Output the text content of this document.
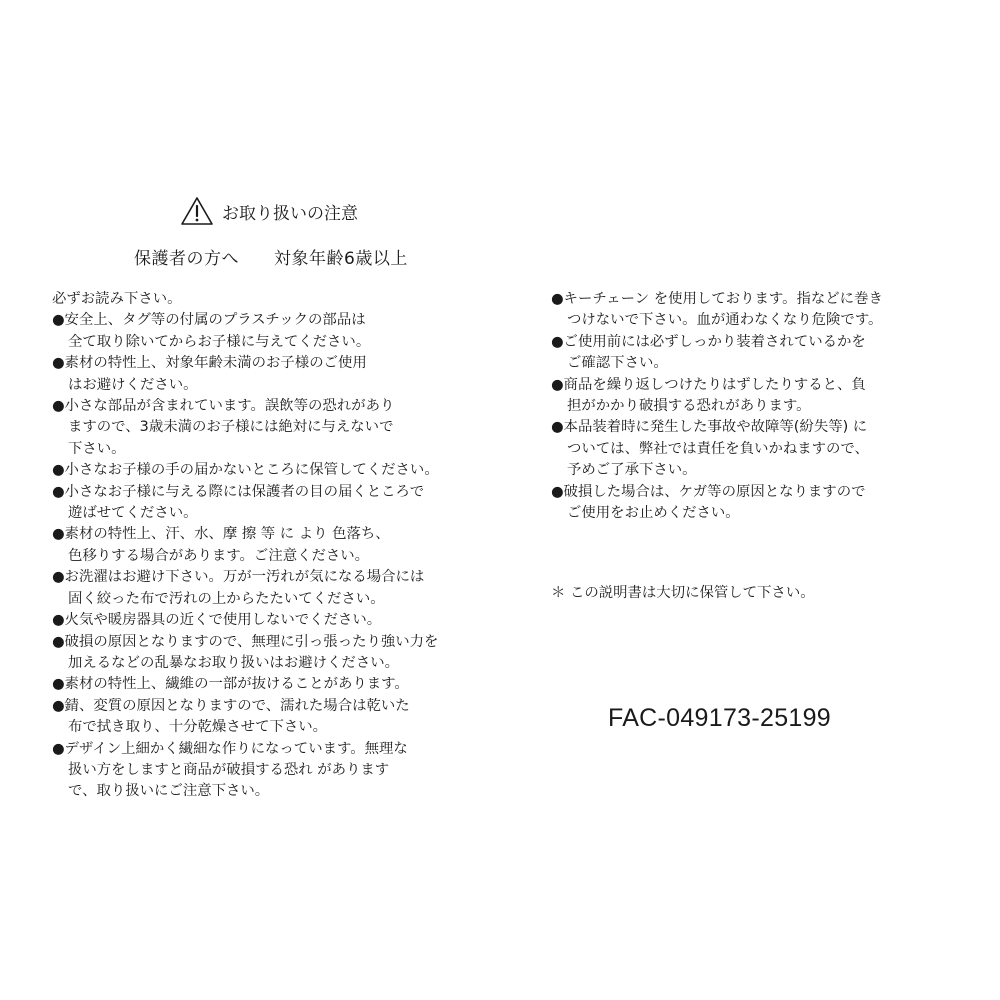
お取り扱いの注意
保護者の方へ　　対象年齢6歳以上
必ずお読み下さい。
●安全上、タグ等の付属のプラスチックの部品は
全て取り除いてからお子様に与えてください。
●素材の特性上、対象年齢未満のお子様のご使用
はお避けください。
●小さな部品が含まれています。誤飲等の恐れがあり
ますので、3歳未満のお子様には絶対に与えないで
下さい。
●小さなお子様の手の届かないところに保管してください。
●小さなお子様に与える際には保護者の目の届くところで
遊ばせてください。
●素材の特性上、汗、水、摩 擦 等 に より 色落ち、
色移りする場合があります。ご注意ください。
●お洗濯はお避け下さい。万が一汚れが気になる場合には
固く絞った布で汚れの上からたたいてください。
●火気や暖房器具の近くで使用しないでください。
●破損の原因となりますので、無理に引っ張ったり強い力を
加えるなどの乱暴なお取り扱いはお避けください。
●素材の特性上、繊維の一部が抜けることがあります。
●錆、変質の原因となりますので、濡れた場合は乾いた
布で拭き取り、十分乾燥させて下さい。
●デザイン上細かく繊細な作りになっています。無理な
扱い方をしますと商品が破損する恐れ があります
で、取り扱いにご注意下さい。
●キーチェーン を使用しております。指などに巻き
つけないで下さい。血が通わなくなり危険です。
●ご使用前には必ずしっかり装着されているかを
ご確認下さい。
●商品を繰り返しつけたりはずしたりすると、負
担がかかり破損する恐れがあります。
●本品装着時に発生した事故や故障等(紛失等) に
ついては、弊社では責任を負いかねますので、
予めご了承下さい。
●破損した場合は、ケガ等の原因となりますので
ご使用をお止めください。
＊ この説明書は大切に保管して下さい。
FAC-049173-25199
